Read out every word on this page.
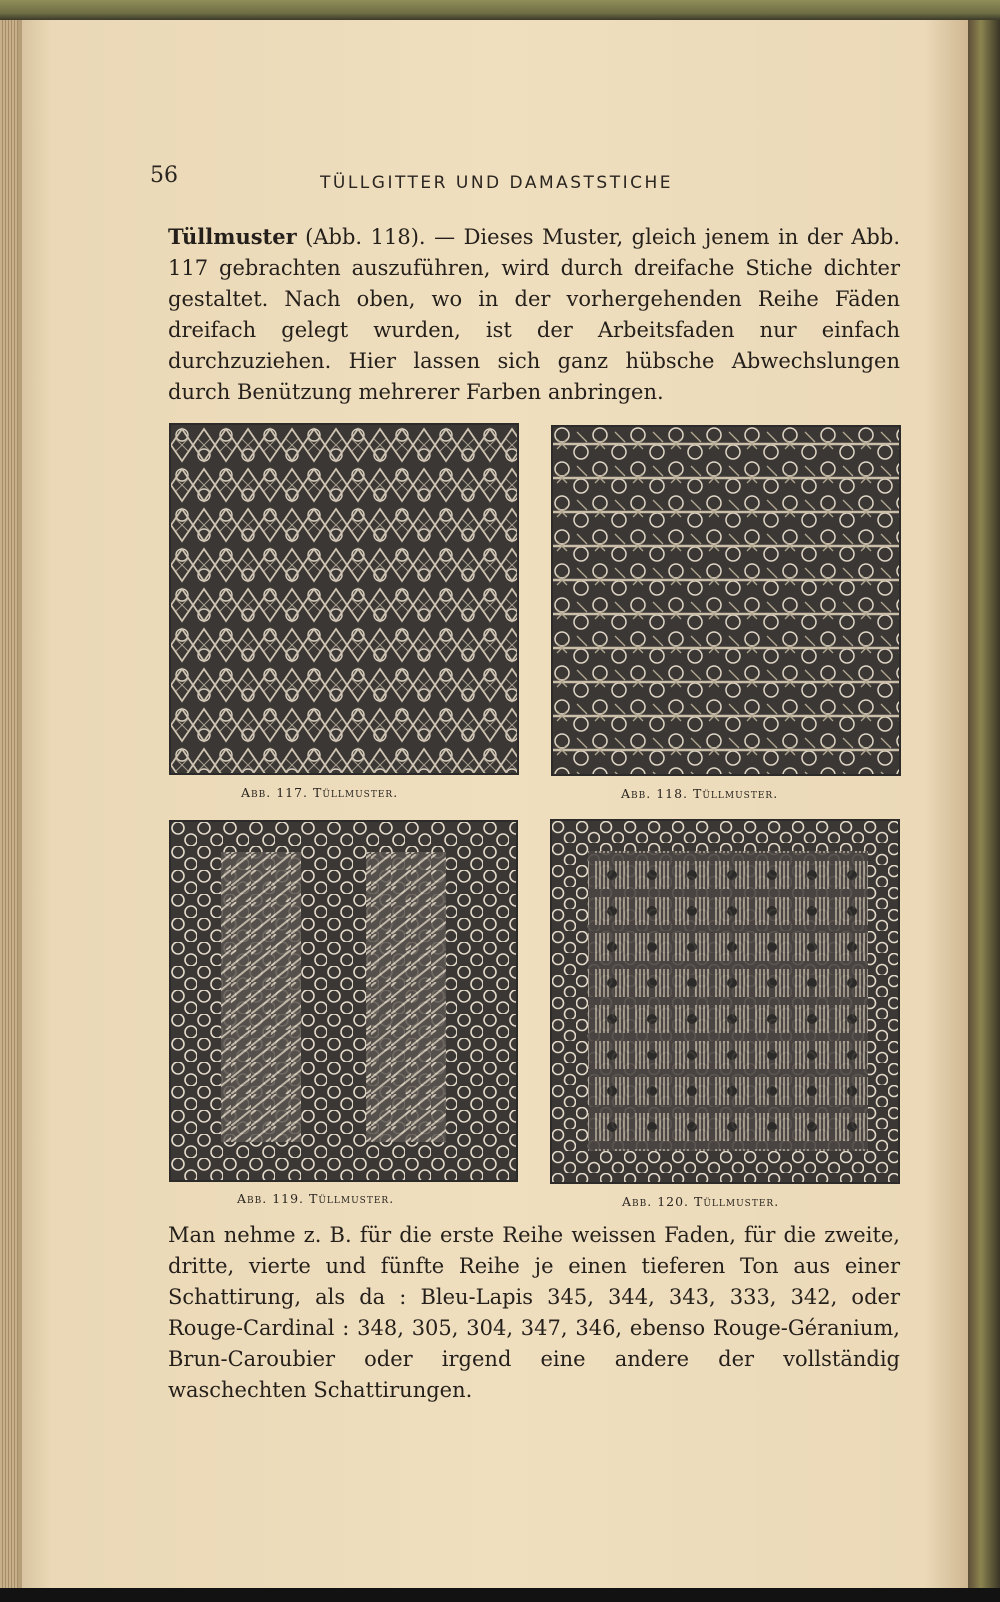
56	TÜLLGITTER UND DAMASTSTICHE

Tüllmuster (Abb. 118). — Dieses Muster, gleich jenem in der Abb. 117 gebrachten auszuführen, wird durch dreifache Stiche dichter gestaltet. Nach oben, wo in der vorhergehenden Reihe Fäden dreifach gelegt wurden, ist der Arbeitsfaden nur einfach durchzuziehen. Hier lassen sich ganz hübsche Abwechslungen durch Benützung mehrerer Farben anbringen.

Abb. 117. Tüllmuster.	Abb. 118. Tüllmuster.
Abb. 119. Tüllmuster.	Abb. 120. Tüllmuster.

Man nehme z. B. für die erste Reihe weissen Faden, für die zweite, dritte, vierte und fünfte Reihe je einen tieferen Ton aus einer Schattirung, als da : Bleu-Lapis 345, 344, 343, 333, 342, oder Rouge-Cardinal : 348, 305, 304, 347, 346, ebenso Rouge-Géranium, Brun-Caroubier oder irgend eine andere der vollständig waschechten Schattirungen.
